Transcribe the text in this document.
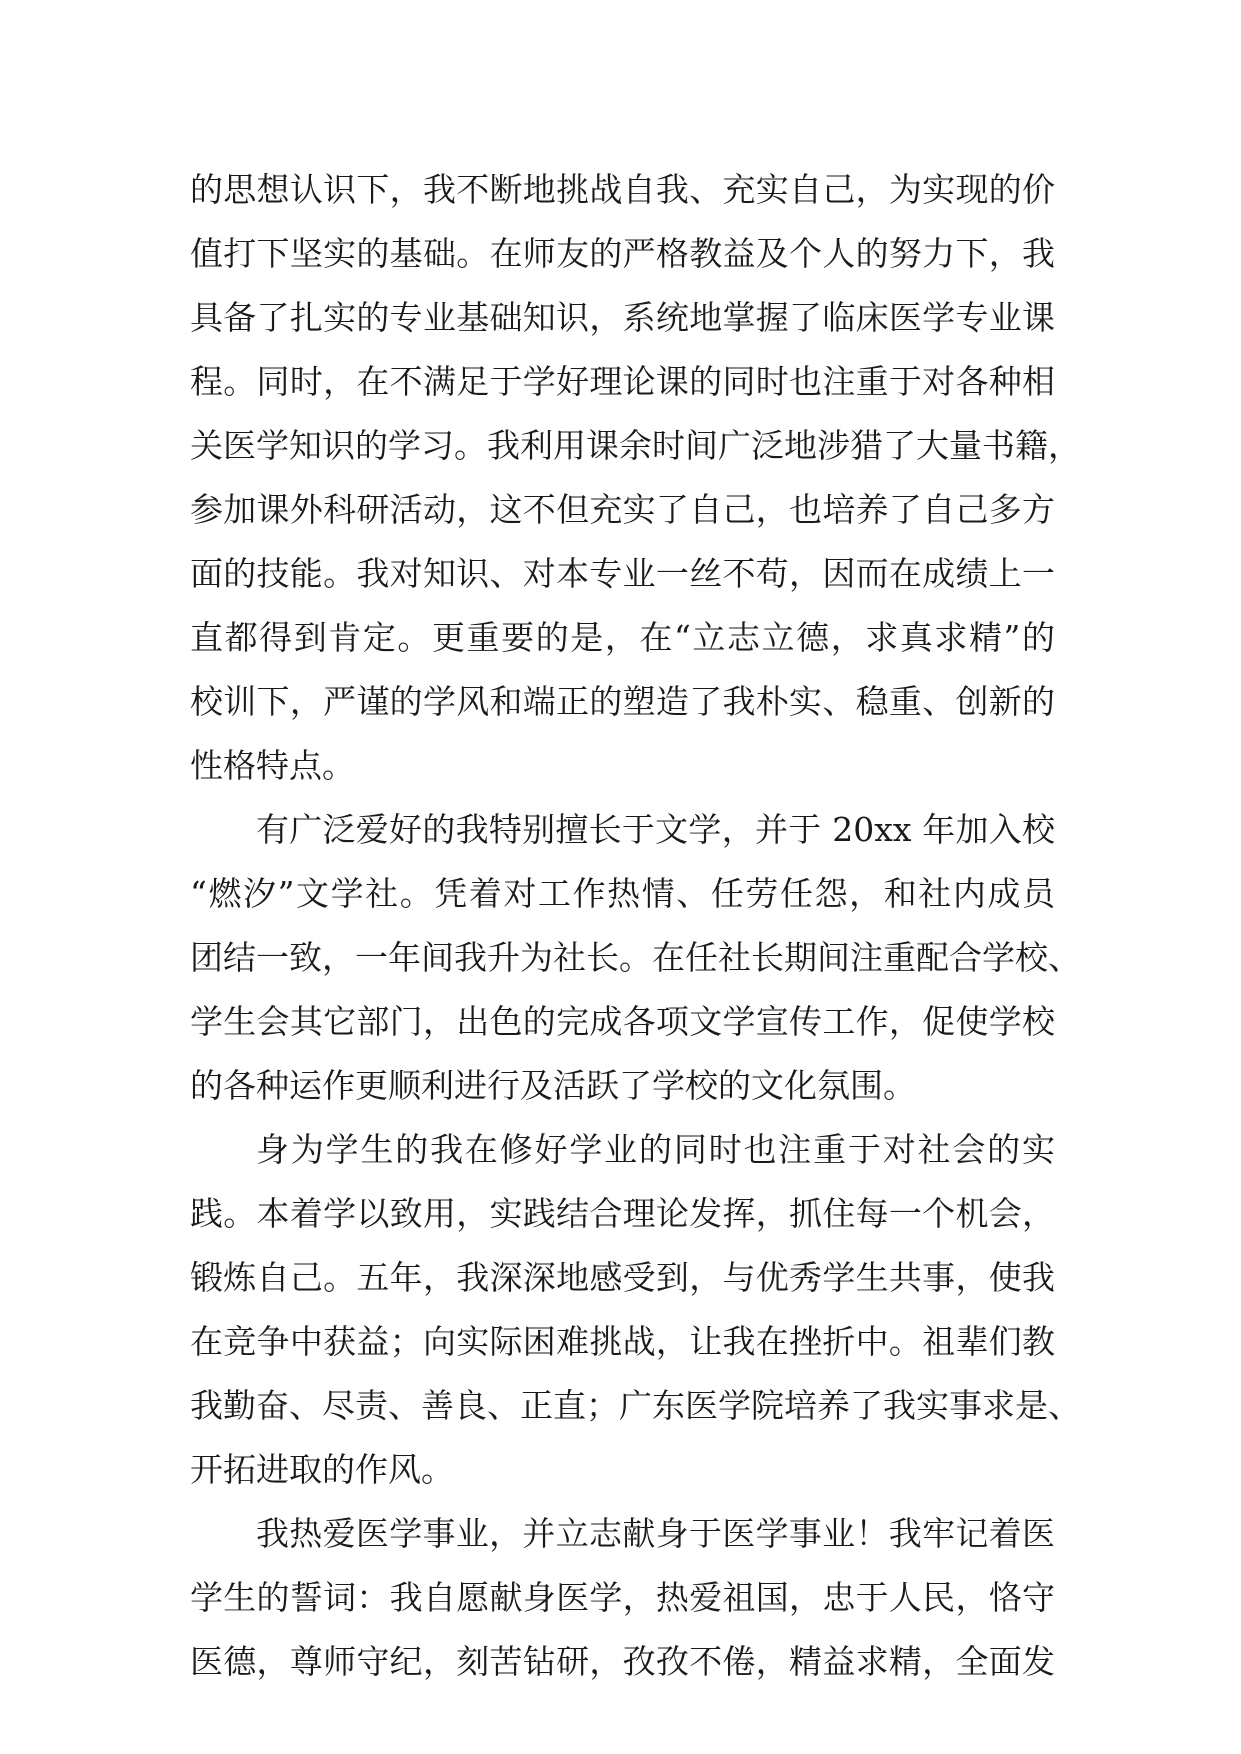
的思想认识下，我不断地挑战自我、充实自己，为实现的价
值打下坚实的基础。在师友的严格教益及个人的努力下，我
具备了扎实的专业基础知识，系统地掌握了临床医学专业课
程。同时，在不满足于学好理论课的同时也注重于对各种相
关医学知识的学习。我利用课余时间广泛地涉猎了大量书籍，
参加课外科研活动，这不但充实了自己，也培养了自己多方
面的技能。我对知识、对本专业一丝不苟，因而在成绩上一
直都得到肯定。更重要的是，在“立志立德，求真求精”的
校训下，严谨的学风和端正的塑造了我朴实、稳重、创新的
性格特点。
有广泛爱好的我特别擅长于文学，并于 20xx 年加入校
“燃汐”文学社。凭着对工作热情、任劳任怨，和社内成员
团结一致，一年间我升为社长。在任社长期间注重配合学校、
学生会其它部门，出色的完成各项文学宣传工作，促使学校
的各种运作更顺利进行及活跃了学校的文化氛围。
身为学生的我在修好学业的同时也注重于对社会的实
践。本着学以致用，实践结合理论发挥，抓住每一个机会，
锻炼自己。五年，我深深地感受到，与优秀学生共事，使我
在竞争中获益；向实际困难挑战，让我在挫折中。祖辈们教
我勤奋、尽责、善良、正直；广东医学院培养了我实事求是、
开拓进取的作风。
我热爱医学事业，并立志献身于医学事业！我牢记着医
学生的誓词：我自愿献身医学，热爱祖国，忠于人民，恪守
医德，尊师守纪，刻苦钻研，孜孜不倦，精益求精，全面发
